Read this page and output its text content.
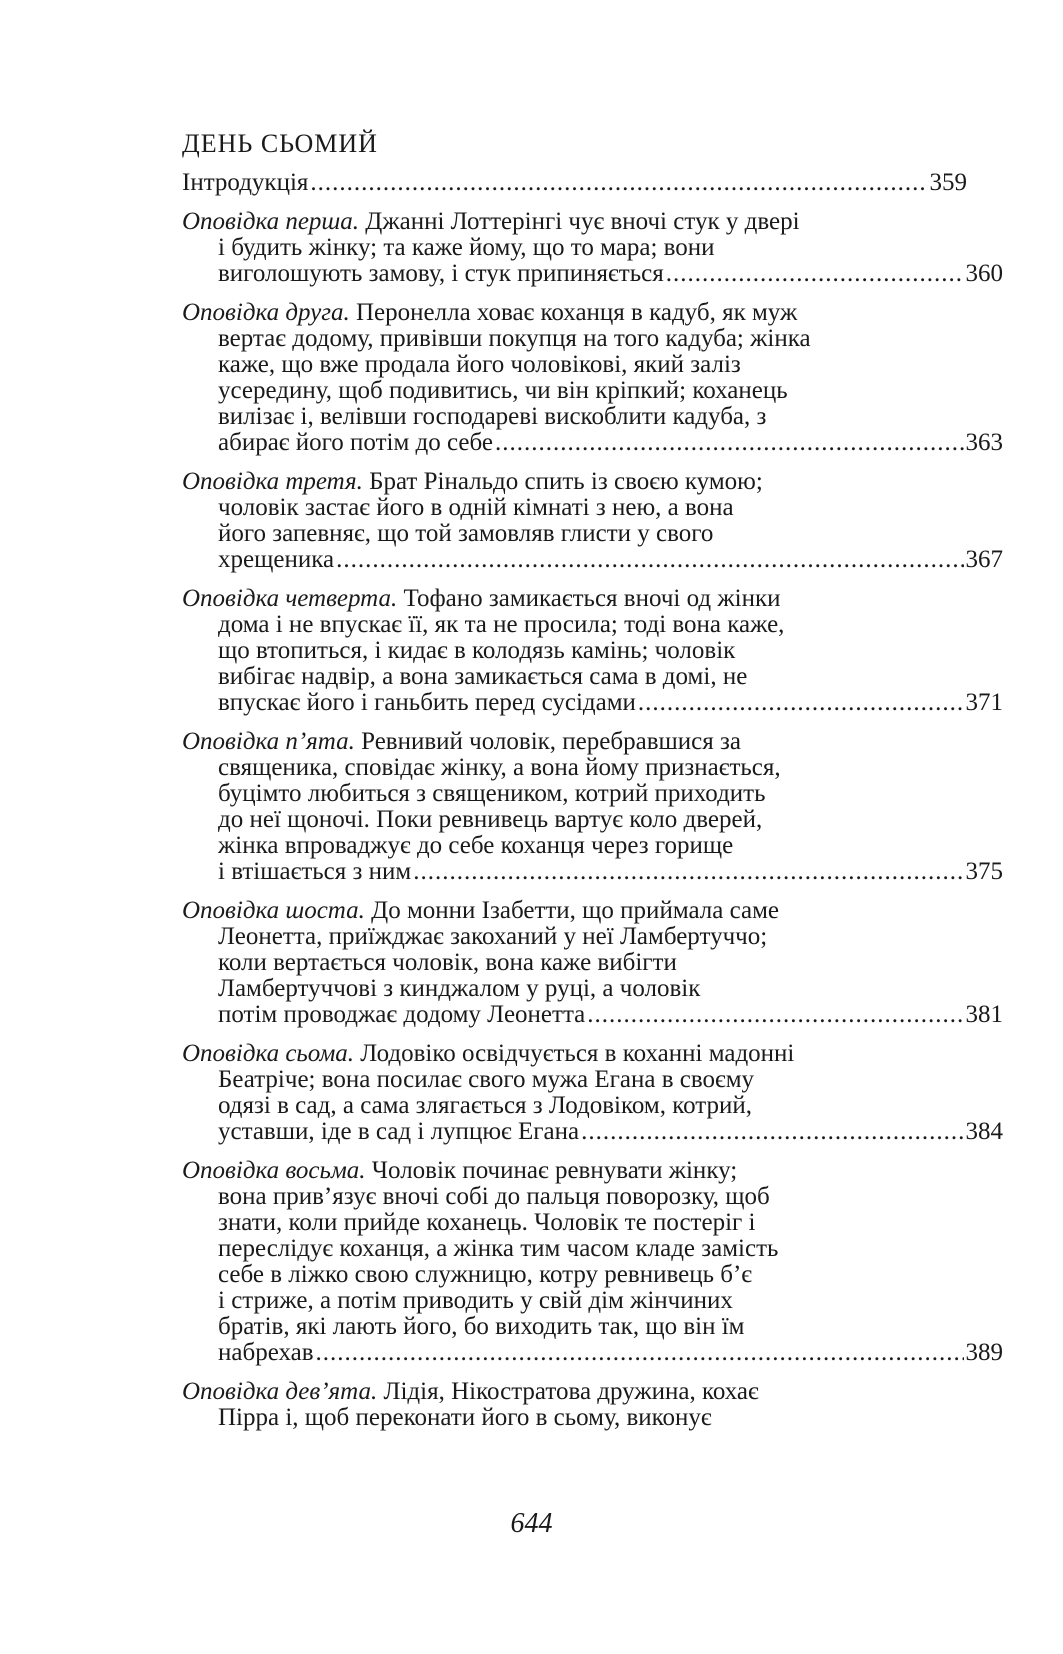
ДЕНЬ СЬОМИЙ
Інтродукція .....	359
Оповідка перша. Джанні Лоттерінгі чує вночі стук у двері
і будить жінку; та каже йому, що то мара; вони
виголошують замову, і стук припиняється .....	360
Оповідка друга. Перонелла ховає коханця в кадуб, як муж
вертає додому, привівши покупця на того кадуба; жінка
каже, що вже продала його чоловікові, який заліз
усередину, щоб подивитись, чи він кріпкий; коханець
вилізає і, велівши господареві вискоблити кадуба, з
абирає його потім до себе .....	363
Оповідка третя. Брат Рінальдо спить із своєю кумою;
чоловік застає його в одній кімнаті з нею, а вона
його запевняє, що той замовляв глисти у свого
хрещеника .....	367
Оповідка четверта. Тофано замикається вночі од жінки
дома і не впускає її, як та не просила; тоді вона каже,
що втопиться, і кидає в колодязь камінь; чоловік
вибігає надвір, а вона замикається сама в домі, не
впускає його і ганьбить перед сусідами .....	371
Оповідка п’ята. Ревнивий чоловік, перебравшися за
священика, сповідає жінку, а вона йому признається,
буцімто любиться з священиком, котрий приходить
до неї щоночі. Поки ревнивець вартує коло дверей,
жінка впроваджує до себе коханця через горище
і втішається з ним .....	375
Оповідка шоста. До монни Ізабетти, що приймала саме
Леонетта, приїжджає закоханий у неї Ламбертуччо;
коли вертається чоловік, вона каже вибігти
Ламбертуччові з кинджалом у руці, а чоловік
потім проводжає додому Леонетта .....	381
Оповідка сьома. Лодовіко освідчується в коханні мадонні
Беатріче; вона посилає свого мужа Егана в своєму
одязі в сад, а сама злягається з Лодовіком, котрий,
уставши, іде в сад і лупцює Егана .....	384
Оповідка восьма. Чоловік починає ревнувати жінку;
вона прив’язує вночі собі до пальця поворозку, щоб
знати, коли прийде коханець. Чоловік те постеріг і
переслідує коханця, а жінка тим часом кладе замість
себе в ліжко свою служницю, котру ревнивець б’є
і стриже, а потім приводить у свій дім жінчиних
братів, які лають його, бо виходить так, що він їм
набрехав .....	389
Оповідка дев’ята. Лідія, Нікостратова дружина, кохає
Пірра і, щоб переконати його в сьому, виконує
644
